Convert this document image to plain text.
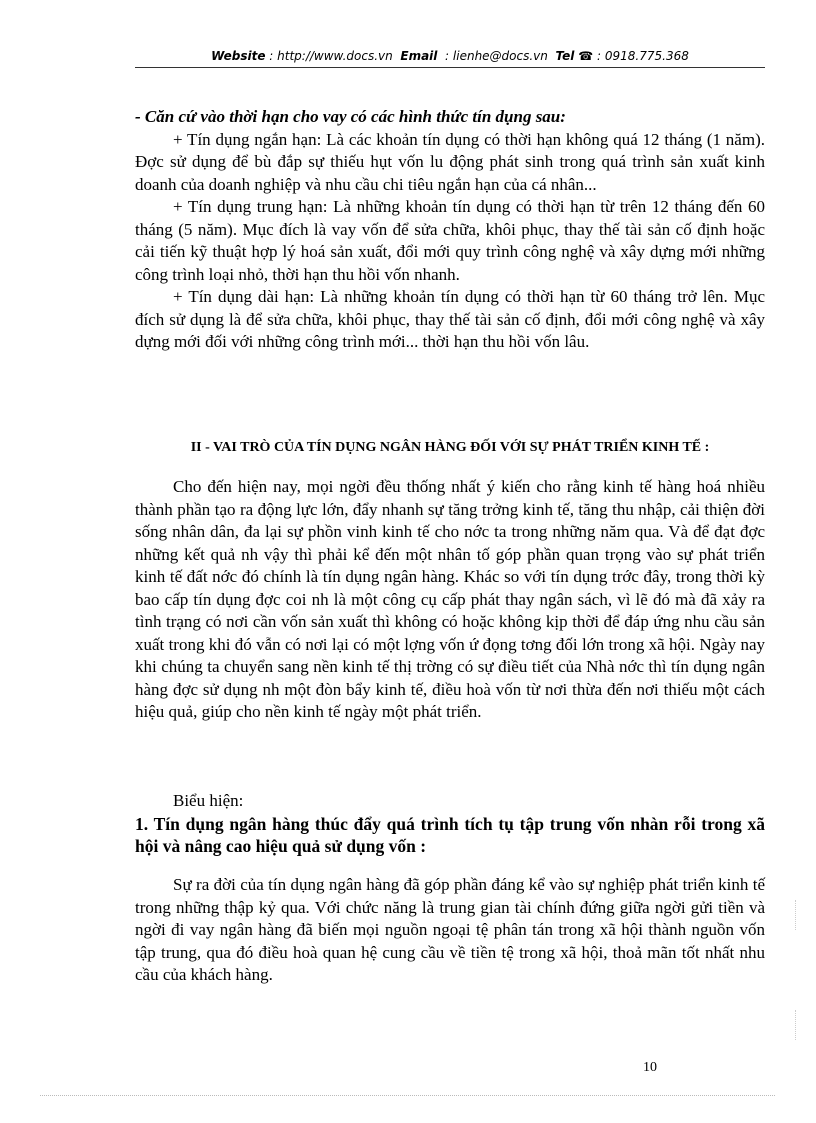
Website : http://www.docs.vn Email  : lienhe@docs.vn Tel ☎ : 0918.775.368

- Căn cứ vào thời hạn cho vay có các hình thức tín dụng sau:

+ Tín dụng ngắn hạn: Là các khoản tín dụng có thời hạn không quá 12 tháng (1 năm). Đợc sử dụng để bù đắp sự thiếu hụt vốn lu động phát sinh trong quá trình sản xuất kinh doanh của doanh nghiệp và nhu cầu chi tiêu ngắn hạn của cá nhân...

+ Tín dụng trung hạn: Là những khoản tín dụng có thời hạn từ trên 12 tháng đến 60 tháng (5 năm). Mục đích là vay vốn để sửa chữa, khôi phục, thay thế tài sản cố định hoặc cải tiến kỹ thuật hợp lý hoá sản xuất, đổi mới quy trình công nghệ và xây dựng mới những công trình loại nhỏ, thời hạn thu hồi vốn nhanh.

+ Tín dụng dài hạn: Là những khoản tín dụng có thời hạn từ 60 tháng trở lên. Mục đích sử dụng là để sửa chữa, khôi phục, thay thế tài sản cố định, đổi mới công nghệ và xây dựng mới đối với những công trình mới... thời hạn thu hồi vốn lâu.

II - VAI TRÒ CỦA TÍN DỤNG NGÂN HÀNG ĐỐI VỚI SỰ PHÁT TRIỂN KINH TẾ :

Cho đến hiện nay, mọi ngời đều thống nhất ý kiến cho rằng kinh tế hàng hoá nhiều thành phần tạo ra động lực lớn, đẩy nhanh sự tăng trởng kinh tế, tăng thu nhập, cải thiện đời sống nhân dân, đa lại sự phồn vinh kinh tế cho nớc ta trong những năm qua. Và để đạt đợc những kết quả nh vậy thì phải kể đến một nhân tố góp phần quan trọng vào sự phát triển kinh tế đất nớc đó chính là tín dụng ngân hàng. Khác so với tín dụng trớc đây, trong thời kỳ bao cấp tín dụng đợc coi nh là một công cụ cấp phát thay ngân sách, vì lẽ đó mà đã xảy ra tình trạng có nơi cần vốn sản xuất thì không có hoặc không kịp thời để đáp ứng nhu cầu sản xuất trong khi đó vẫn có nơi lại có một lợng vốn ứ đọng tơng đối lớn trong xã hội. Ngày nay khi chúng ta chuyển sang nền kinh tế thị trờng có sự điều tiết của Nhà nớc thì tín dụng ngân hàng đợc sử dụng nh một đòn bẩy kinh tế, điều hoà vốn từ nơi thừa đến nơi thiếu một cách hiệu quả, giúp cho nền kinh tế ngày một phát triển.

Biểu hiện:

1. Tín dụng ngân hàng thúc đẩy quá trình tích tụ tập trung vốn nhàn rỗi trong xã hội và nâng cao hiệu quả sử dụng vốn :

Sự ra đời của tín dụng ngân hàng đã góp phần đáng kể vào sự nghiệp phát triển kinh tế trong những thập kỷ qua. Với chức năng là trung gian tài chính đứng giữa ngời gửi tiền và ngời đi vay ngân hàng đã biến mọi nguồn ngoại tệ phân tán trong xã hội thành nguồn vốn tập trung, qua đó điều hoà quan hệ cung cầu về tiền tệ trong xã hội, thoả mãn tốt nhất nhu cầu của khách hàng.

10
